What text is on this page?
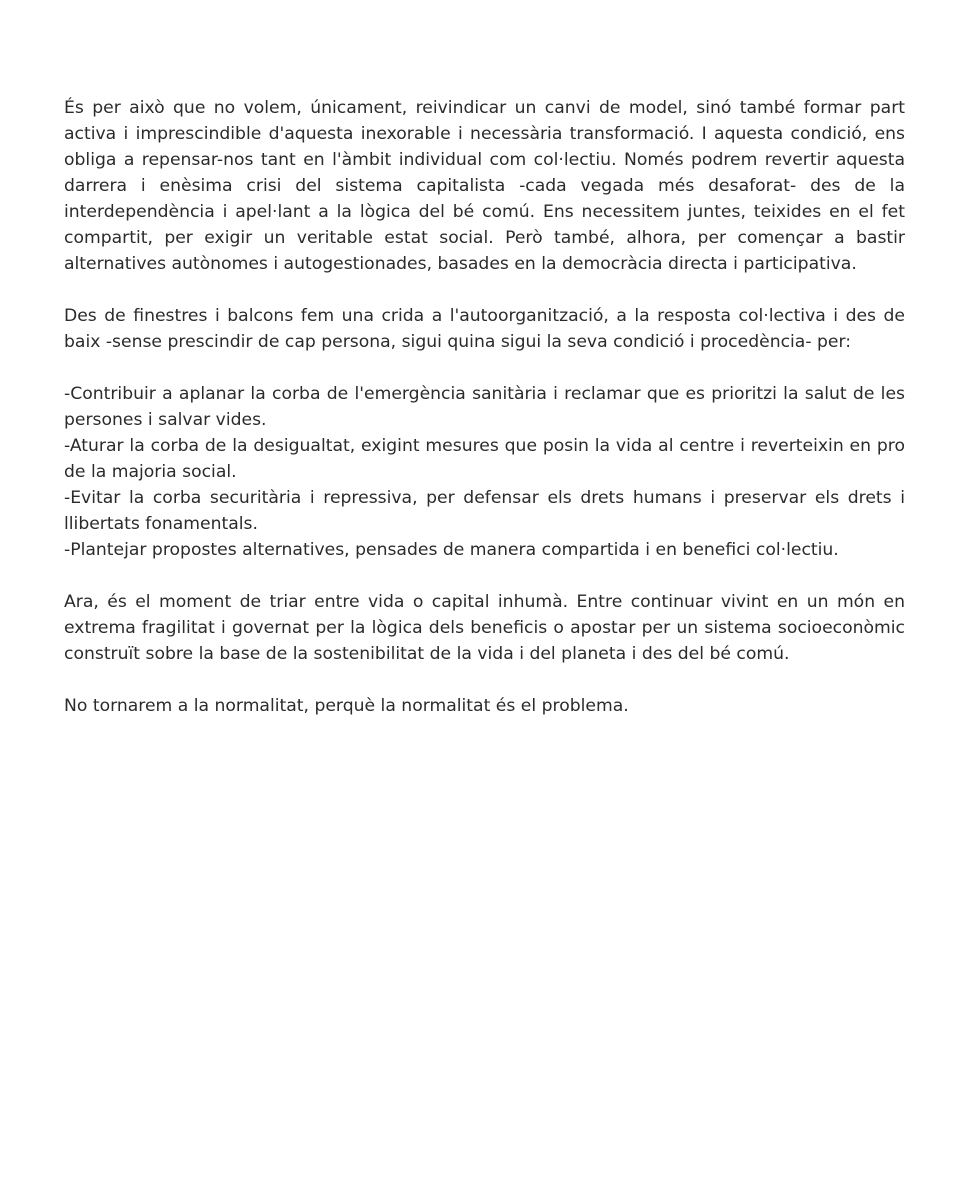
És per això que no volem, únicament, reivindicar un canvi de model, sinó també formar part activa i imprescindible d'aquesta inexorable i necessària transformació. I aquesta condició, ens obliga a repensar-nos tant en l'àmbit individual com col·lectiu. Només podrem revertir aquesta darrera i enèsima crisi del sistema capitalista -cada vegada més desaforat- des de la interdependència i apel·lant a la lògica del bé comú. Ens necessitem juntes, teixides en el fet compartit, per exigir un veritable estat social. Però també, alhora, per començar a bastir alternatives autònomes i autogestionades, basades en la democràcia directa i participativa.

Des de finestres i balcons fem una crida a l'autoorganització, a la resposta col·lectiva i des de baix -sense prescindir de cap persona, sigui quina sigui la seva condició i procedència- per:

-Contribuir a aplanar la corba de l'emergència sanitària i reclamar que es prioritzi la salut de les persones i salvar vides.

-Aturar la corba de la desigualtat, exigint mesures que posin la vida al centre i reverteixin en pro de la majoria social.

-Evitar la corba securitària i repressiva, per defensar els drets humans i preservar els drets i llibertats fonamentals.

-Plantejar propostes alternatives, pensades de manera compartida i en benefici col·lectiu.

Ara, és el moment de triar entre vida o capital inhumà. Entre continuar vivint en un món en extrema fragilitat i governat per la lògica dels beneficis o apostar per un sistema socioeconòmic construït sobre la base de la sostenibilitat de la vida i del planeta i des del bé comú.

No tornarem a la normalitat, perquè la normalitat és el problema.
